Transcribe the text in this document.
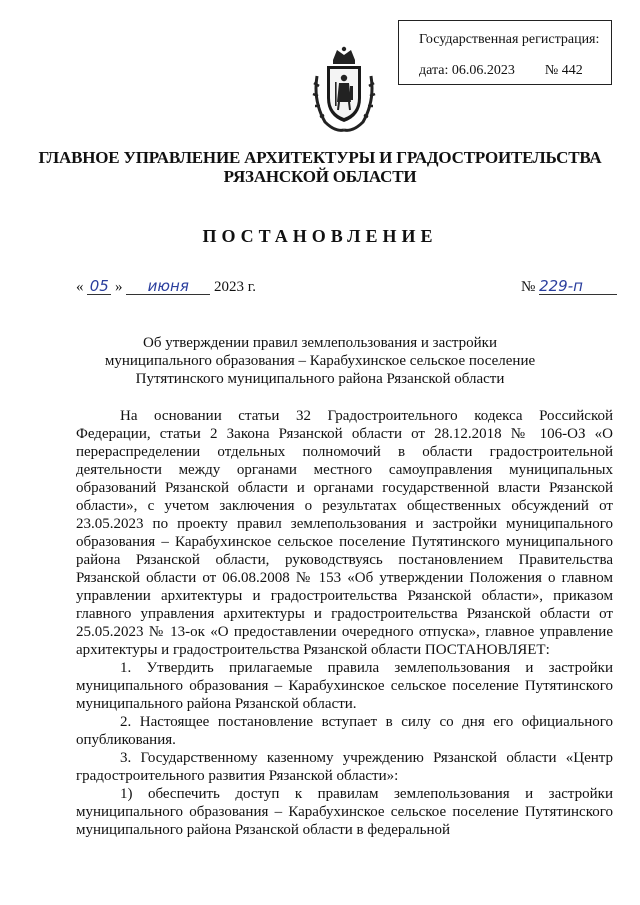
Государственная регистрация:
дата: 06.06.2023 № 442
ГЛАВНОЕ УПРАВЛЕНИЕ АРХИТЕКТУРЫ И ГРАДОСТРОИТЕЛЬСТВА
РЯЗАНСКОЙ ОБЛАСТИ
ПОСТАНОВЛЕНИЕ
« 05 » июня 2023 г.	№ 229-п
Об утверждении правил землепользования и застройки
муниципального образования – Карабухинское сельское поселение
Путятинского муниципального района Рязанской области

На основании статьи 32 Градостроительного кодекса Российской Федерации, статьи 2 Закона Рязанской области от 28.12.2018 № 106-ОЗ «О перераспределении отдельных полномочий в области градостроительной деятельности между органами местного самоуправления муниципальных образований Рязанской области и органами государственной власти Рязанской области», с учетом заключения о результатах общественных обсуждений от 23.05.2023 по проекту правил землепользования и застройки муниципального образования – Карабухинское сельское поселение Путятинского муниципального района Рязанской области, руководствуясь постановлением Правительства Рязанской области от 06.08.2008 № 153 «Об утверждении Положения о главном управлении архитектуры и градостроительства Рязанской области», приказом главного управления архитектуры и градостроительства Рязанской области от 25.05.2023 № 13-ок «О предоставлении очередного отпуска», главное управление архитектуры и градостроительства Рязанской области ПОСТАНОВЛЯЕТ:

1. Утвердить прилагаемые правила землепользования и застройки муниципального образования – Карабухинское сельское поселение Путятинского муниципального района Рязанской области.

2. Настоящее постановление вступает в силу со дня его официального опубликования.

3. Государственному казенному учреждению Рязанской области «Центр градостроительного развития Рязанской области»:

1) обеспечить доступ к правилам землепользования и застройки муниципального образования – Карабухинское сельское поселение Путятинского муниципального района Рязанской области в федеральной
